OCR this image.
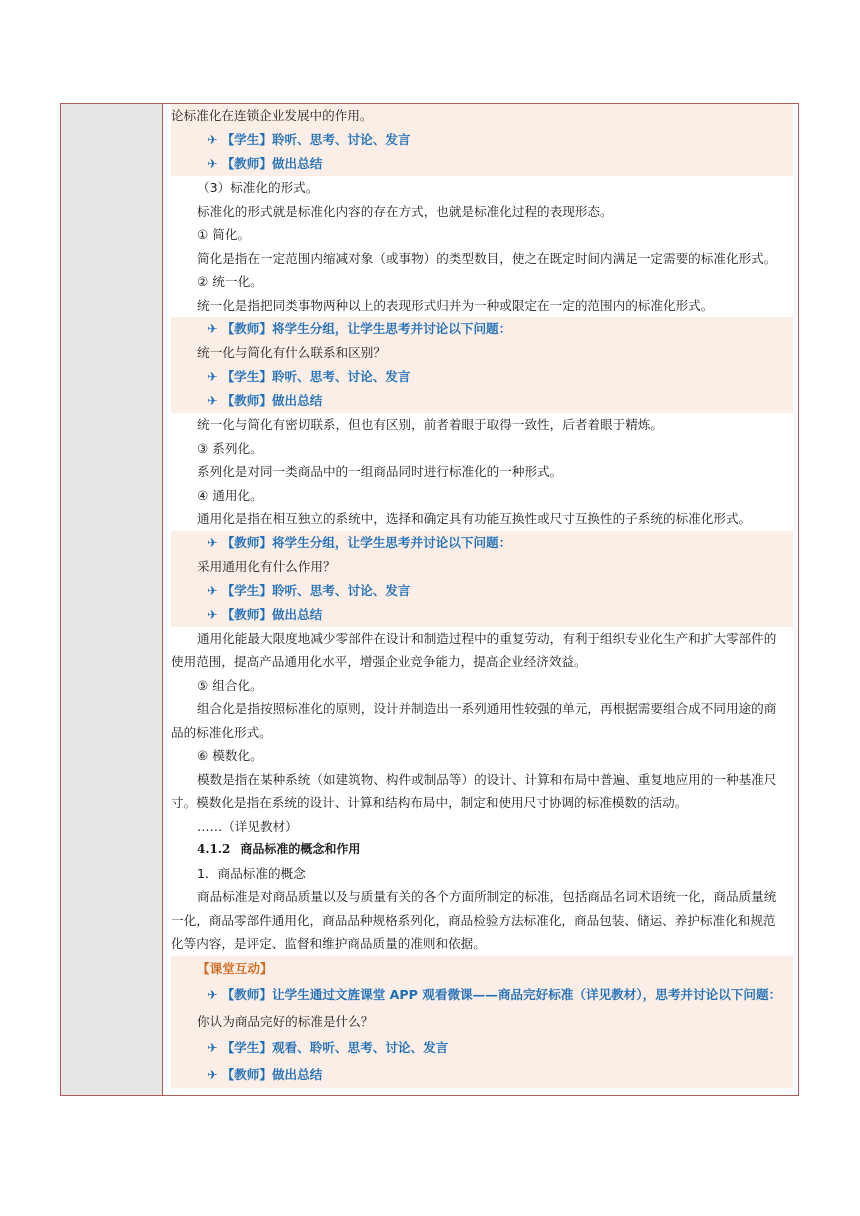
论标准化在连锁企业发展中的作用。
✈ 【学生】聆听、思考、讨论、发言
✈ 【教师】做出总结
（3）标准化的形式。
标准化的形式就是标准化内容的存在方式，也就是标准化过程的表现形态。
① 简化。
简化是指在一定范围内缩减对象（或事物）的类型数目，使之在既定时间内满足一定需要的标准化形式。
② 统一化。
统一化是指把同类事物两种以上的表现形式归并为一种或限定在一定的范围内的标准化形式。
✈ 【教师】将学生分组，让学生思考并讨论以下问题：
统一化与简化有什么联系和区别？
✈ 【学生】聆听、思考、讨论、发言
✈ 【教师】做出总结
统一化与简化有密切联系，但也有区别，前者着眼于取得一致性，后者着眼于精炼。
③ 系列化。
系列化是对同一类商品中的一组商品同时进行标准化的一种形式。
④ 通用化。
通用化是指在相互独立的系统中，选择和确定具有功能互换性或尺寸互换性的子系统的标准化形式。
✈ 【教师】将学生分组，让学生思考并讨论以下问题：
采用通用化有什么作用？
✈ 【学生】聆听、思考、讨论、发言
✈ 【教师】做出总结
通用化能最大限度地减少零部件在设计和制造过程中的重复劳动，有利于组织专业化生产和扩大零部件的
使用范围，提高产品通用化水平，增强企业竞争能力，提高企业经济效益。
⑤ 组合化。
组合化是指按照标准化的原则，设计并制造出一系列通用性较强的单元，再根据需要组合成不同用途的商
品的标准化形式。
⑥ 模数化。
模数是指在某种系统（如建筑物、构件或制品等）的设计、计算和布局中普遍、重复地应用的一种基准尺
寸。模数化是指在系统的设计、计算和结构布局中，制定和使用尺寸协调的标准模数的活动。
……（详见教材）
4.1.2 商品标准的概念和作用
1．商品标准的概念
商品标准是对商品质量以及与质量有关的各个方面所制定的标准，包括商品名词术语统一化，商品质量统
一化，商品零部件通用化，商品品种规格系列化，商品检验方法标准化，商品包装、储运、养护标准化和规范
化等内容，是评定、监督和维护商品质量的准则和依据。
【课堂互动】
✈ 【教师】让学生通过文旌课堂 APP 观看微课——商品完好标准（详见教材），思考并讨论以下问题：
你认为商品完好的标准是什么？
✈ 【学生】观看、聆听、思考、讨论、发言
✈ 【教师】做出总结
